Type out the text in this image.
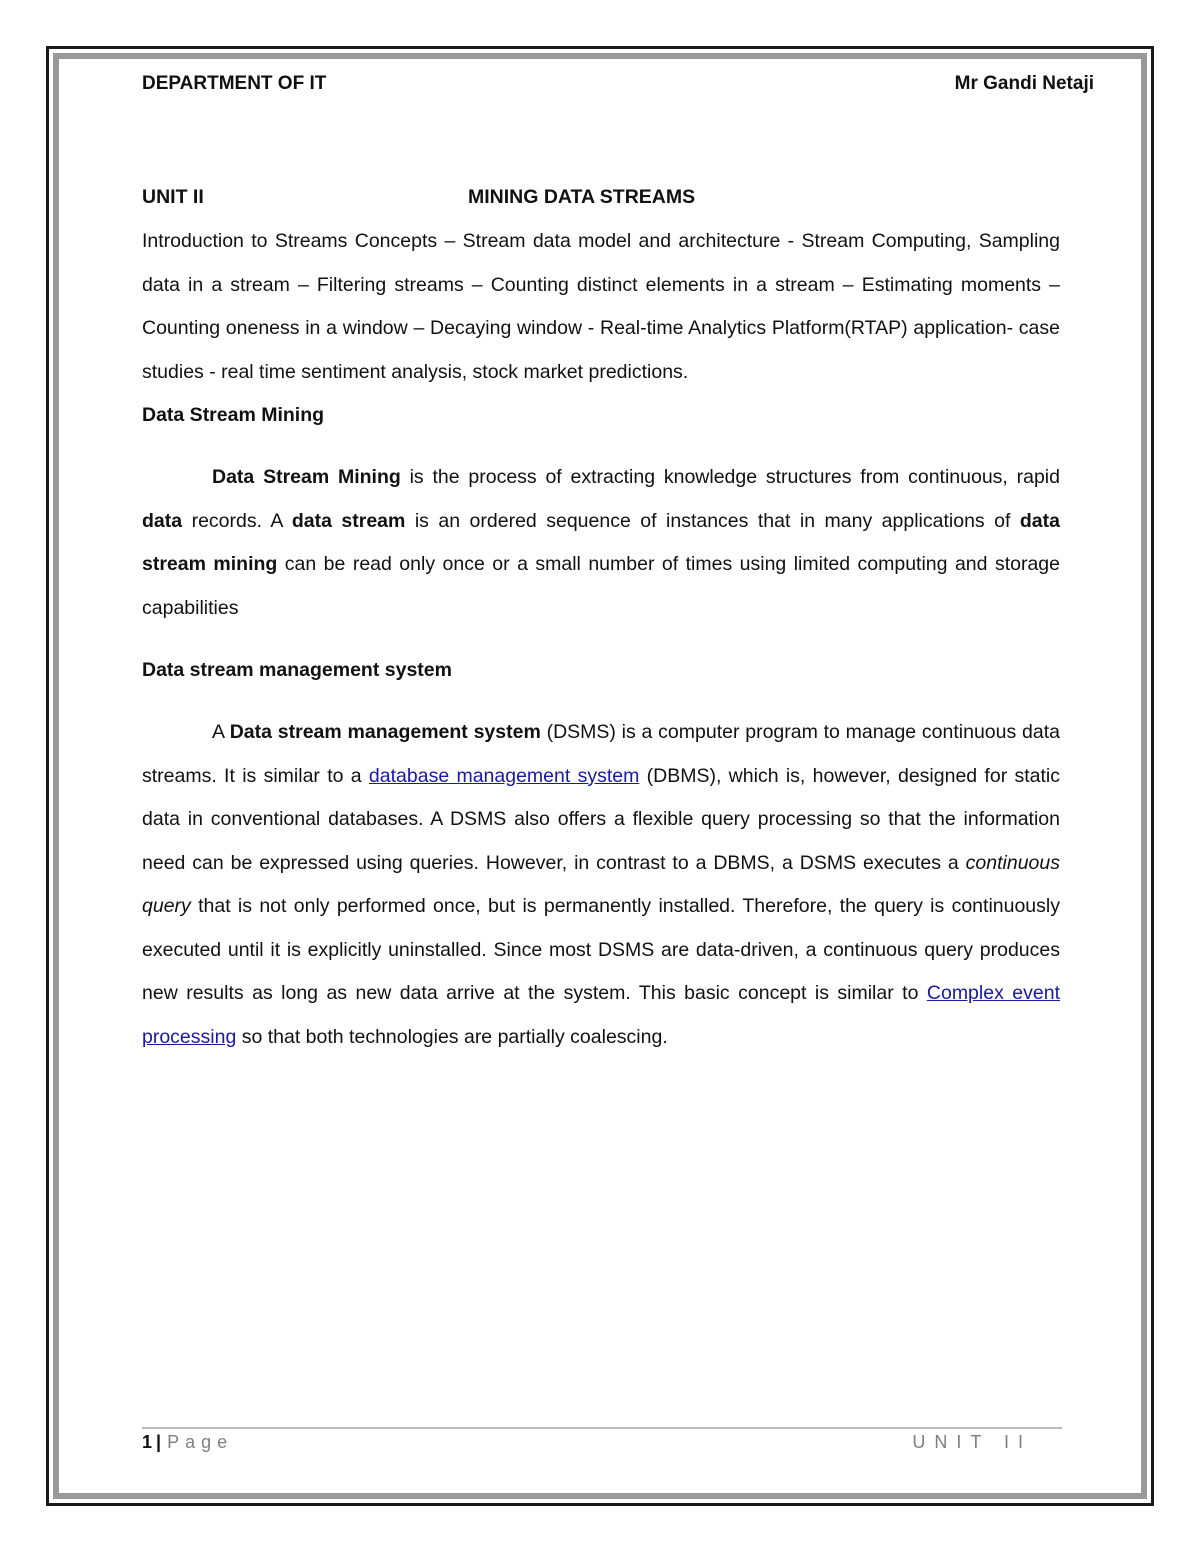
DEPARTMENT OF IT	Mr Gandi Netaji

UNIT II	MINING DATA STREAMS

Introduction to Streams Concepts – Stream data model and architecture - Stream Computing, Sampling data in a stream – Filtering streams – Counting distinct elements in a stream – Estimating moments – Counting oneness in a window – Decaying window - Real-time Analytics Platform(RTAP) application- case studies - real time sentiment analysis, stock market predictions.

Data Stream Mining

Data Stream Mining is the process of extracting knowledge structures from continuous, rapid data records. A data stream is an ordered sequence of instances that in many applications of data stream mining can be read only once or a small number of times using limited computing and storage capabilities

Data stream management system

A Data stream management system (DSMS) is a computer program to manage continuous data streams. It is similar to a database management system (DBMS), which is, however, designed for static data in conventional databases. A DSMS also offers a flexible query processing so that the information need can be expressed using queries. However, in contrast to a DBMS, a DSMS executes a continuous query that is not only performed once, but is permanently installed. Therefore, the query is continuously executed until it is explicitly uninstalled. Since most DSMS are data-driven, a continuous query produces new results as long as new data arrive at the system. This basic concept is similar to Complex event processing so that both technologies are partially coalescing.

1 | Page	UNIT II
